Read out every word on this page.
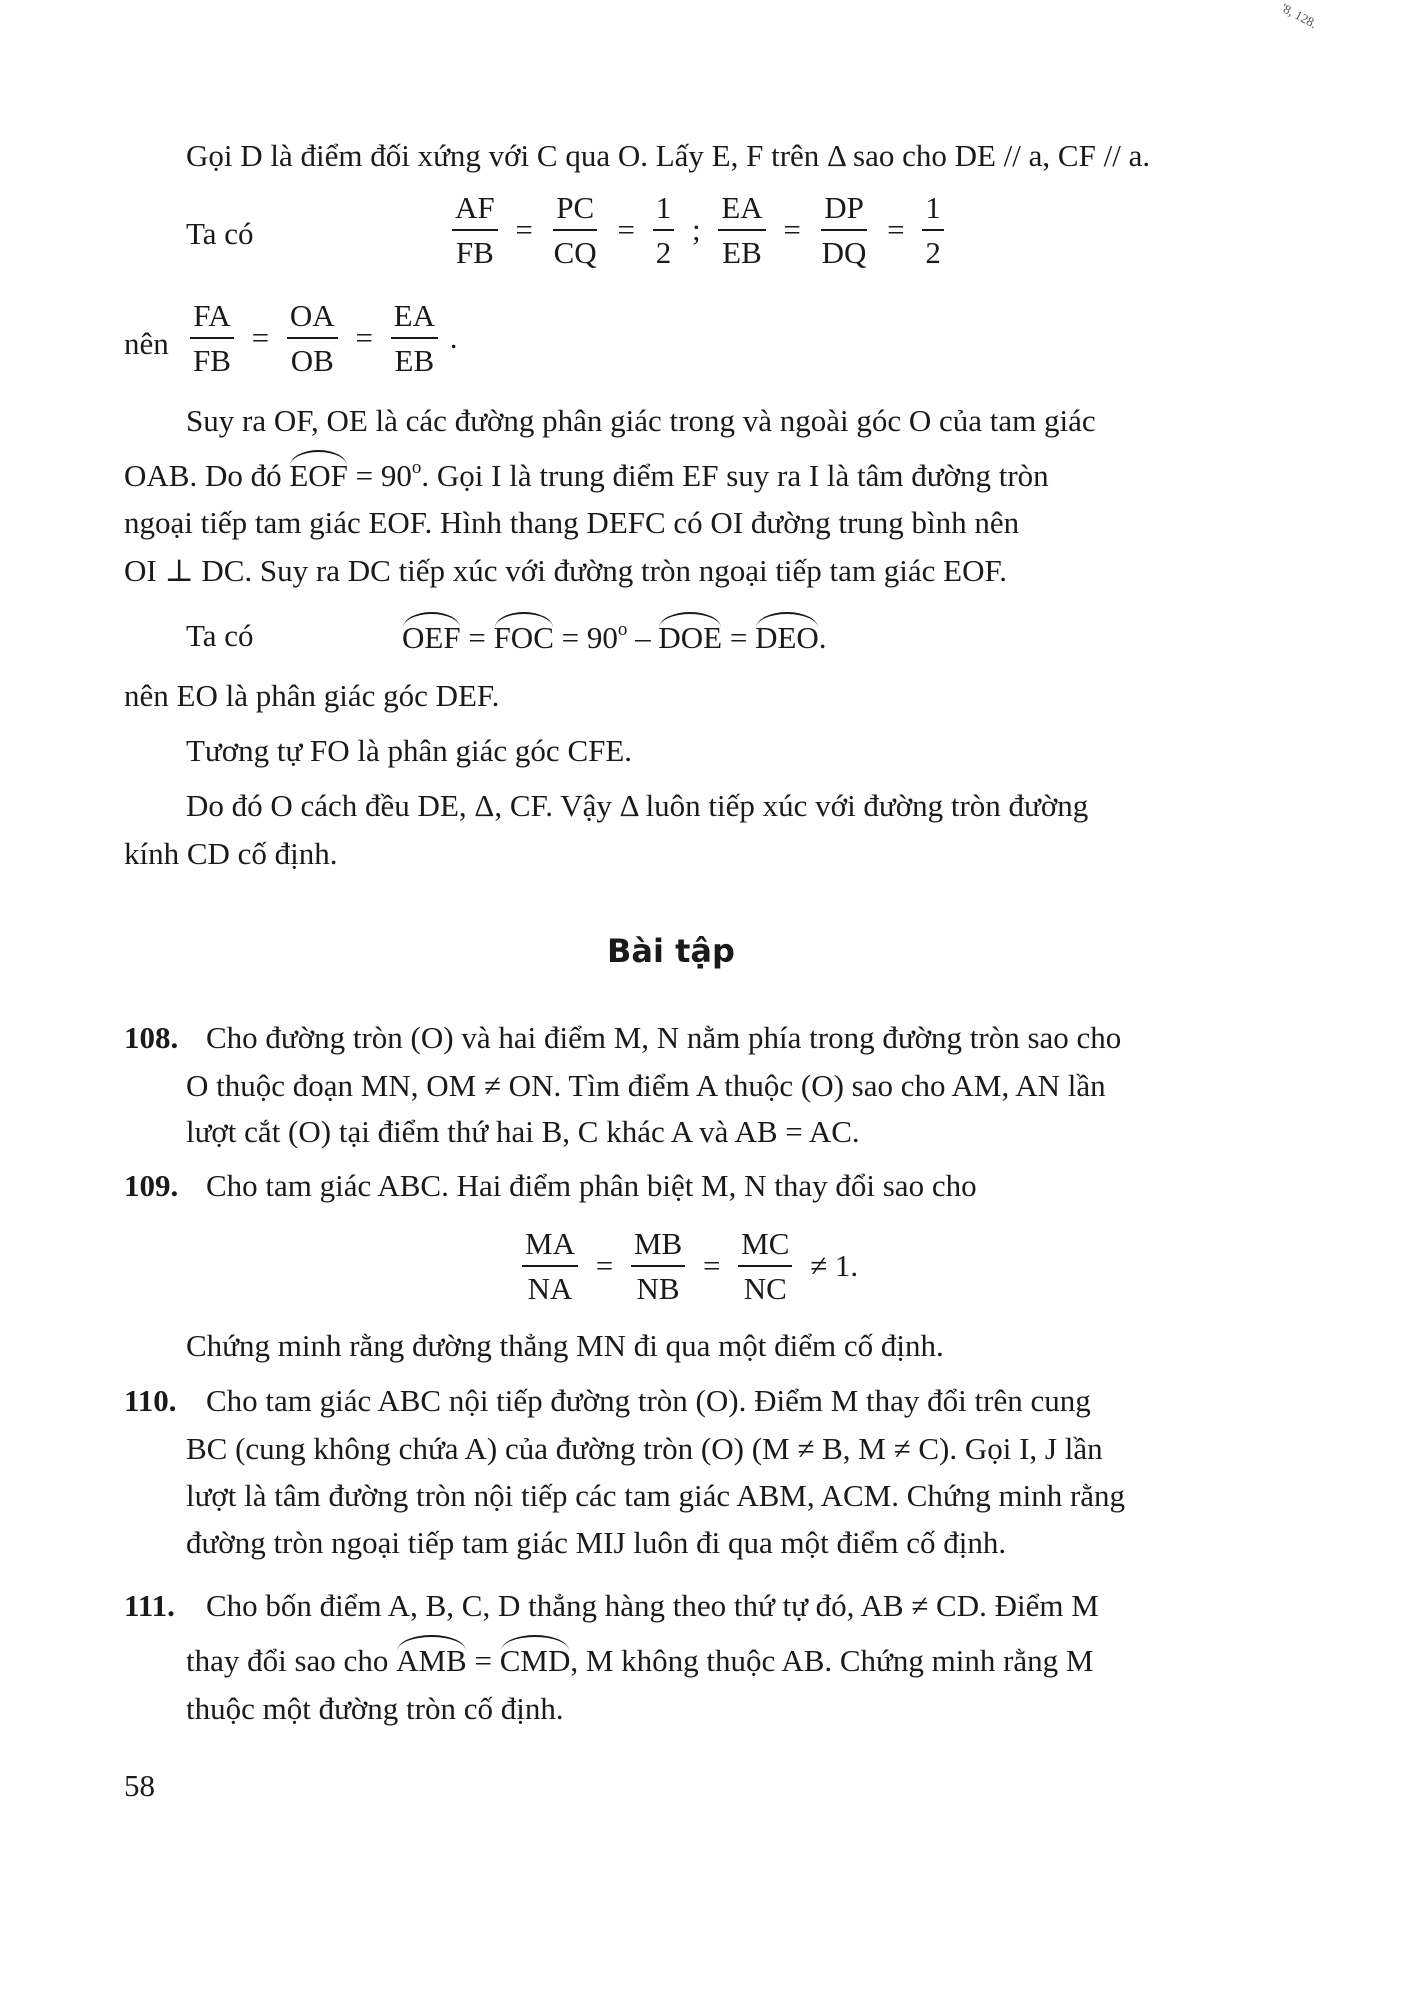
'8, 128.
Gọi D là điểm đối xứng với C qua O. Lấy E, F trên Δ sao cho DE // a, CF // a.
Ta có	$\frac{AF}{FB} = \frac{PC}{CQ} = \frac{1}{2}$ ; $\frac{EA}{EB} = \frac{DP}{DQ} = \frac{1}{2}$
nên $\frac{FA}{FB} = \frac{OA}{OB} = \frac{EA}{EB}$ .
Suy ra OF, OE là các đường phân giác trong và ngoài góc O của tam giác
OAB. Do đó EOF = $90^o$. Gọi I là trung điểm EF suy ra I là tâm đường tròn
ngoại tiếp tam giác EOF. Hình thang DEFC có OI đường trung bình nên
OI ⊥ DC. Suy ra DC tiếp xúc với đường tròn ngoại tiếp tam giác EOF.
Ta có	OEF = FOC = $90^o$ – DOE = DEO.
nên EO là phân giác góc DEF.
Tương tự FO là phân giác góc CFE.
Do đó O cách đều DE, Δ, CF. Vậy Δ luôn tiếp xúc với đường tròn đường
kính CD cố định.
Bài tập
108. Cho đường tròn (O) và hai điểm M, N nằm phía trong đường tròn sao cho
O thuộc đoạn MN, OM ≠ ON. Tìm điểm A thuộc (O) sao cho AM, AN lần
lượt cắt (O) tại điểm thứ hai B, C khác A và AB = AC.
109. Cho tam giác ABC. Hai điểm phân biệt M, N thay đổi sao cho
$\frac{MA}{NA} = \frac{MB}{NB} = \frac{MC}{NC} \ne 1$.
Chứng minh rằng đường thẳng MN đi qua một điểm cố định.
110. Cho tam giác ABC nội tiếp đường tròn (O). Điểm M thay đổi trên cung
BC (cung không chứa A) của đường tròn (O) (M ≠ B, M ≠ C). Gọi I, J lần
lượt là tâm đường tròn nội tiếp các tam giác ABM, ACM. Chứng minh rằng
đường tròn ngoại tiếp tam giác MIJ luôn đi qua một điểm cố định.
111. Cho bốn điểm A, B, C, D thẳng hàng theo thứ tự đó, AB ≠ CD. Điểm M
thay đổi sao cho AMB = CMD, M không thuộc AB. Chứng minh rằng M
thuộc một đường tròn cố định.
58
